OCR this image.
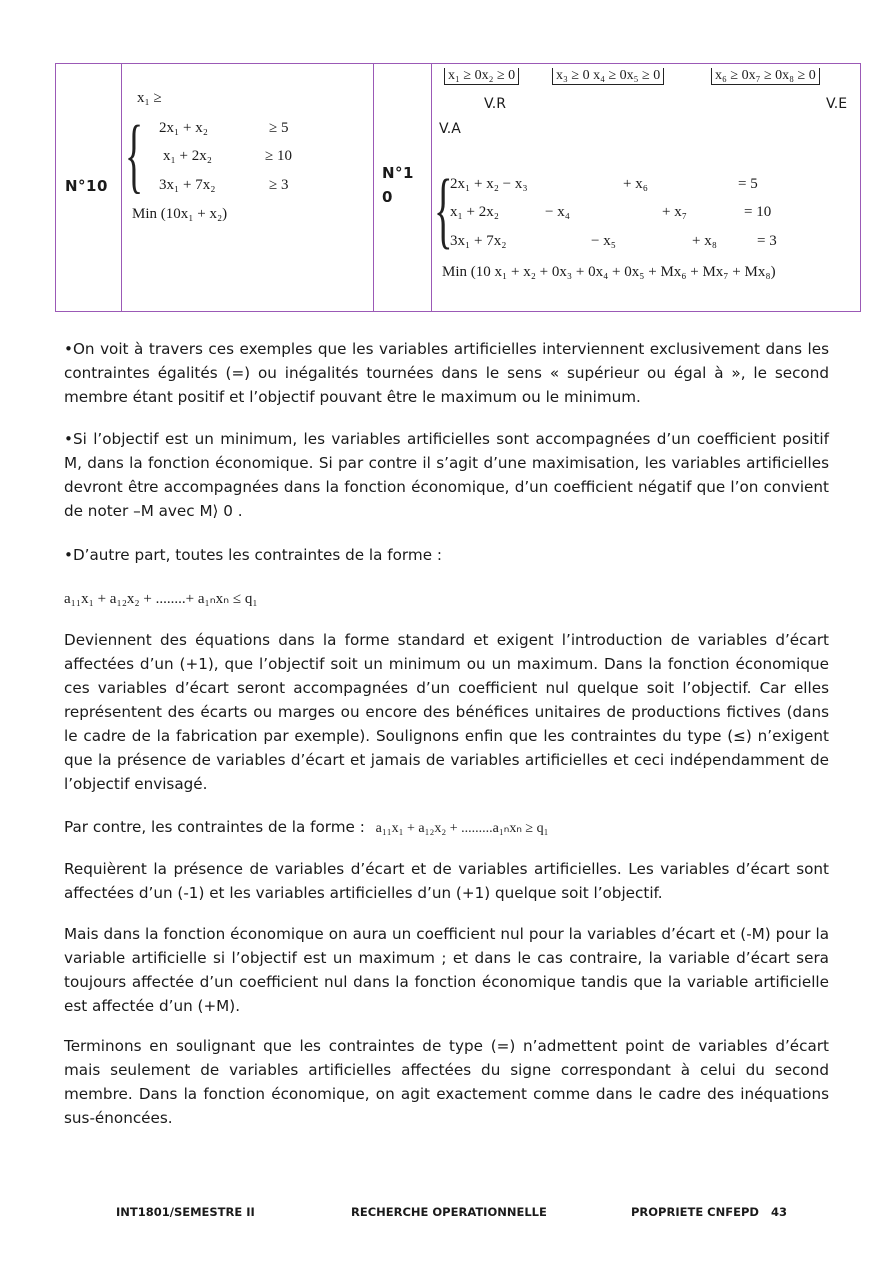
N°10
x₁ ≥
{ 2x₁ + x₂	≥ 5
x₁ + 2x₂	≥ 10
3x₁ + 7x₂	≥ 3
Min (10x₁ + x₂)
N°1
0
x₁ ≥ 0x₂ ≥ 0	x₃ ≥ 0 x₄ ≥ 0x₅ ≥ 0	x₆ ≥ 0x₇ ≥ 0x₈ ≥ 0
V.R	V.E
V.A
{
2x₁ + x₂ − x₃	+ x₆	= 5
x₁ + 2x₂	− x₄	+ x₇	= 10
3x₁ + 7x₂	− x₅	+ x₈	= 3
Min (10 x₁ + x₂ + 0x₃ + 0x₄ + 0x₅ + Mx₆ + Mx₇ + Mx₈)

•On voit à travers ces exemples que les variables artificielles interviennent exclusivement dans les contraintes égalités (=) ou inégalités tournées dans le sens « supérieur ou égal à », le second membre étant positif et l’objectif pouvant être le maximum ou le minimum.

•Si l’objectif est un minimum, les variables artificielles sont accompagnées d’un coefficient positif M, dans la fonction économique. Si par contre il s’agit d’une maximisation, les variables artificielles devront être accompagnées dans la fonction économique, d’un coefficient négatif que l’on convient de noter –M avec M⟩ 0 .

•D’autre part, toutes les contraintes de la forme :

a₁₁x₁ + a₁₂x₂ + ........+ a₁ₙxₙ ≤ q₁

Deviennent des équations dans la forme standard et exigent l’introduction de variables d’écart affectées d’un (+1), que l’objectif soit un minimum ou un maximum. Dans la fonction économique ces variables d’écart seront accompagnées d’un coefficient nul quelque soit l’objectif. Car elles représentent des écarts ou marges ou encore des bénéfices unitaires de productions fictives (dans le cadre de la fabrication par exemple). Soulignons enfin que les contraintes du type (≤) n’exigent que la présence de variables d’écart et jamais de variables artificielles et ceci indépendamment de l’objectif envisagé.

Par contre, les contraintes de la forme : a₁₁x₁ + a₁₂x₂ + .........a₁ₙxₙ ≥ q₁

Requièrent la présence de variables d’écart et de variables artificielles. Les variables d’écart sont affectées d’un (-1) et les variables artificielles d’un (+1) quelque soit l’objectif.

Mais dans la fonction économique on aura un coefficient nul pour la variables d’écart et (-M) pour la variable artificielle si l’objectif est un maximum ; et dans le cas contraire, la variable d’écart sera toujours affectée d’un coefficient nul dans la fonction économique tandis que la variable artificielle est affectée d’un (+M).

Terminons en soulignant que les contraintes de type (=) n’admettent point de variables d’écart mais seulement de variables artificielles affectées du signe correspondant à celui du second membre. Dans la fonction économique, on agit exactement comme dans le cadre des inéquations sus-énoncées.

INT1801/SEMESTRE II	RECHERCHE OPERATIONNELLE	PROPRIETE CNFEPD 43
